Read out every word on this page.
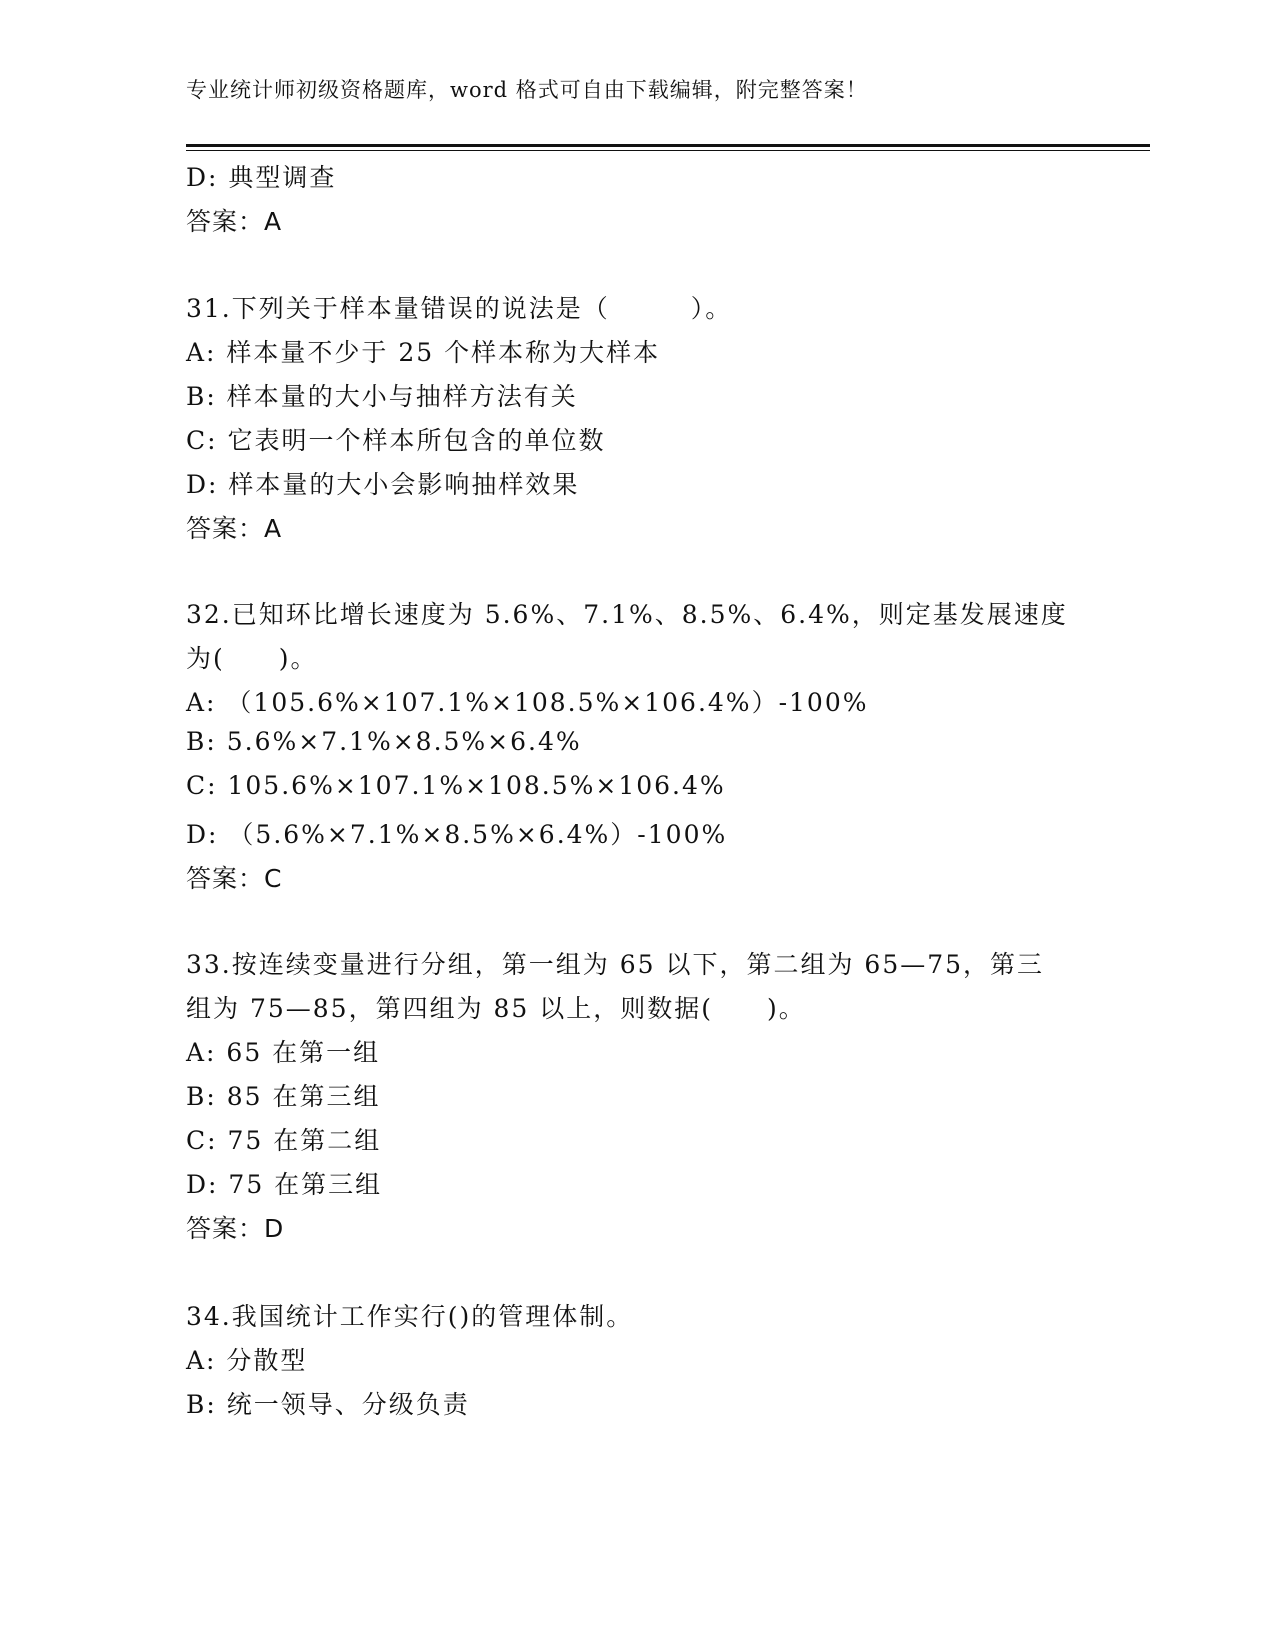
专业统计师初级资格题库，word 格式可自由下载编辑，附完整答案！
D: 典型调查
答案：A
31.下列关于样本量错误的说法是（　　　）。
A: 样本量不少于 25 个样本称为大样本
B: 样本量的大小与抽样方法有关
C: 它表明一个样本所包含的单位数
D: 样本量的大小会影响抽样效果
答案：A
32.已知环比增长速度为 5.6%、7.1%、8.5%、6.4%，则定基发展速度
为(　　)。
A: （105.6%×107.1%×108.5%×106.4%）-100%
B: 5.6%×7.1%×8.5%×6.4%
C: 105.6%×107.1%×108.5%×106.4%
D: （5.6%×7.1%×8.5%×6.4%）-100%
答案：C
33.按连续变量进行分组，第一组为 65 以下，第二组为 65—75，第三
组为 75—85，第四组为 85 以上，则数据(　　)。
A: 65 在第一组
B: 85 在第三组
C: 75 在第二组
D: 75 在第三组
答案：D
34.我国统计工作实行()的管理体制。
A: 分散型
B: 统一领导、分级负责
